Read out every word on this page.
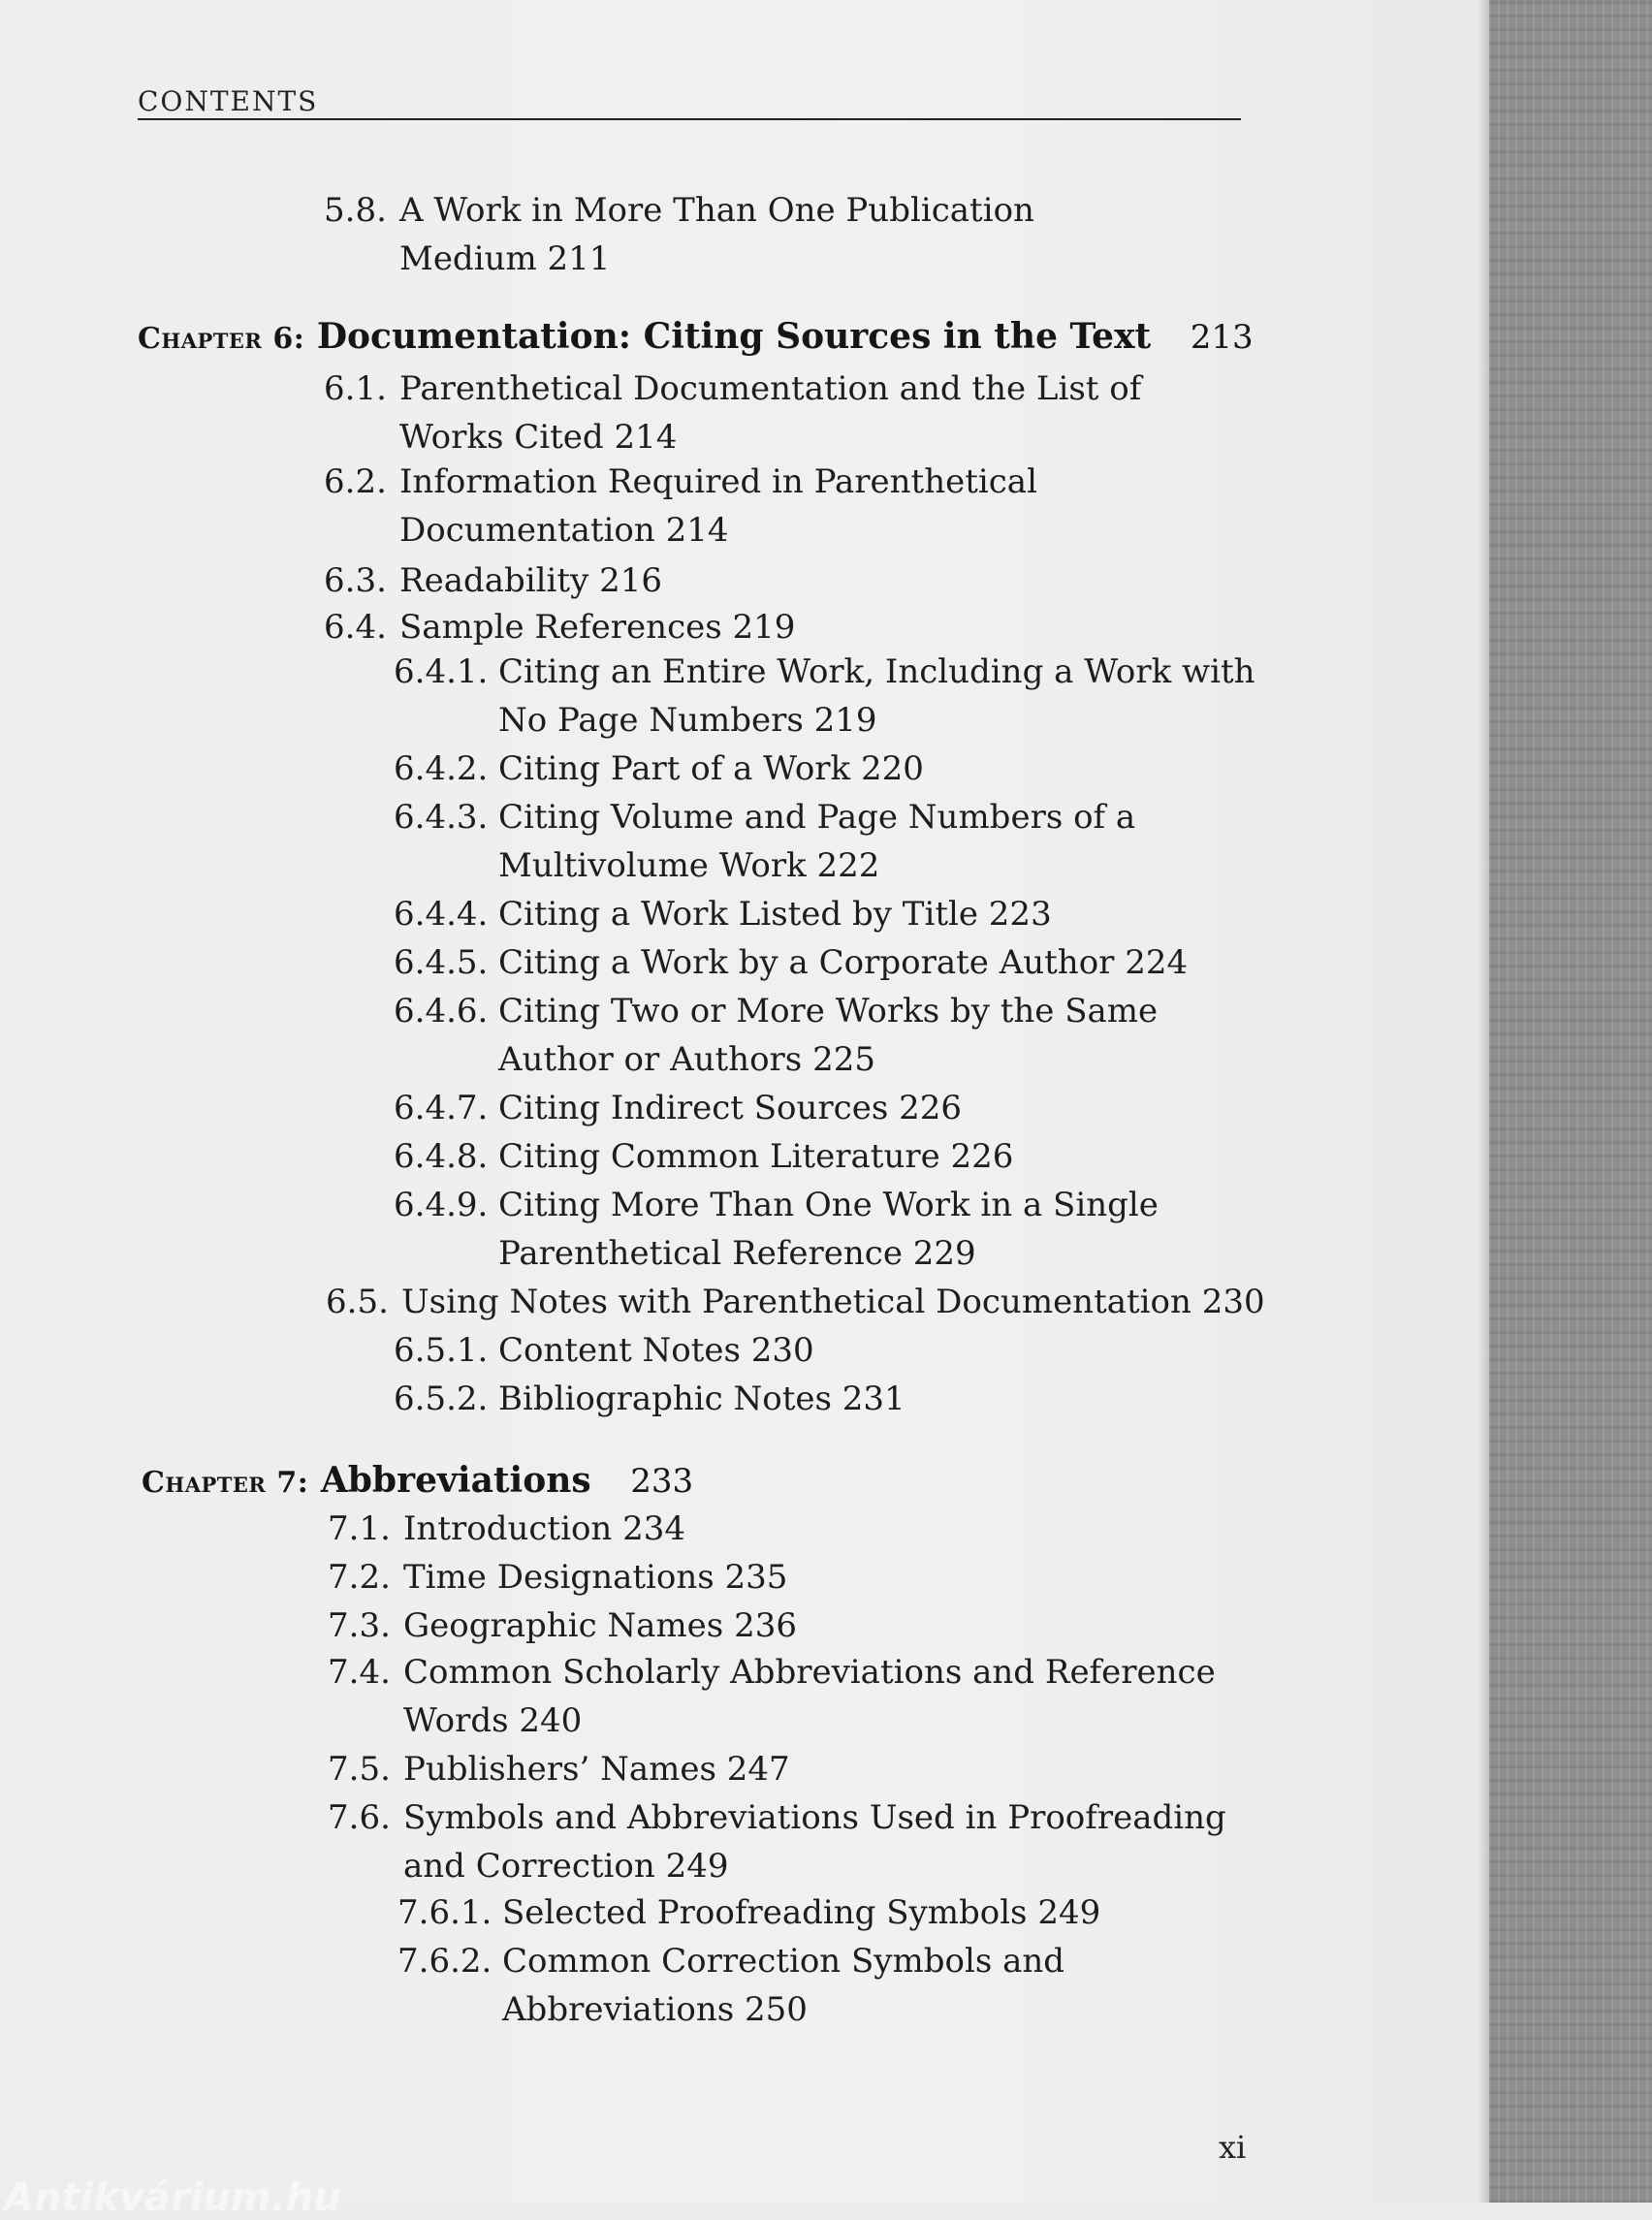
CONTENTS
5.8. A Work in More Than One Publication
Medium 211
Chapter 6: Documentation: Citing Sources in the Text 213
6.1. Parenthetical Documentation and the List of
Works Cited 214
6.2. Information Required in Parenthetical
Documentation 214
6.3. Readability 216
6.4. Sample References 219
6.4.1. Citing an Entire Work, Including a Work with
No Page Numbers 219
6.4.2. Citing Part of a Work 220
6.4.3. Citing Volume and Page Numbers of a
Multivolume Work 222
6.4.4. Citing a Work Listed by Title 223
6.4.5. Citing a Work by a Corporate Author 224
6.4.6. Citing Two or More Works by the Same
Author or Authors 225
6.4.7. Citing Indirect Sources 226
6.4.8. Citing Common Literature 226
6.4.9. Citing More Than One Work in a Single
Parenthetical Reference 229
6.5. Using Notes with Parenthetical Documentation 230
6.5.1. Content Notes 230
6.5.2. Bibliographic Notes 231
Chapter 7: Abbreviations 233
7.1. Introduction 234
7.2. Time Designations 235
7.3. Geographic Names 236
7.4. Common Scholarly Abbreviations and Reference
Words 240
7.5. Publishers’ Names 247
7.6. Symbols and Abbreviations Used in Proofreading
and Correction 249
7.6.1. Selected Proofreading Symbols 249
7.6.2. Common Correction Symbols and
Abbreviations 250
xi
Antikvárium.hu
